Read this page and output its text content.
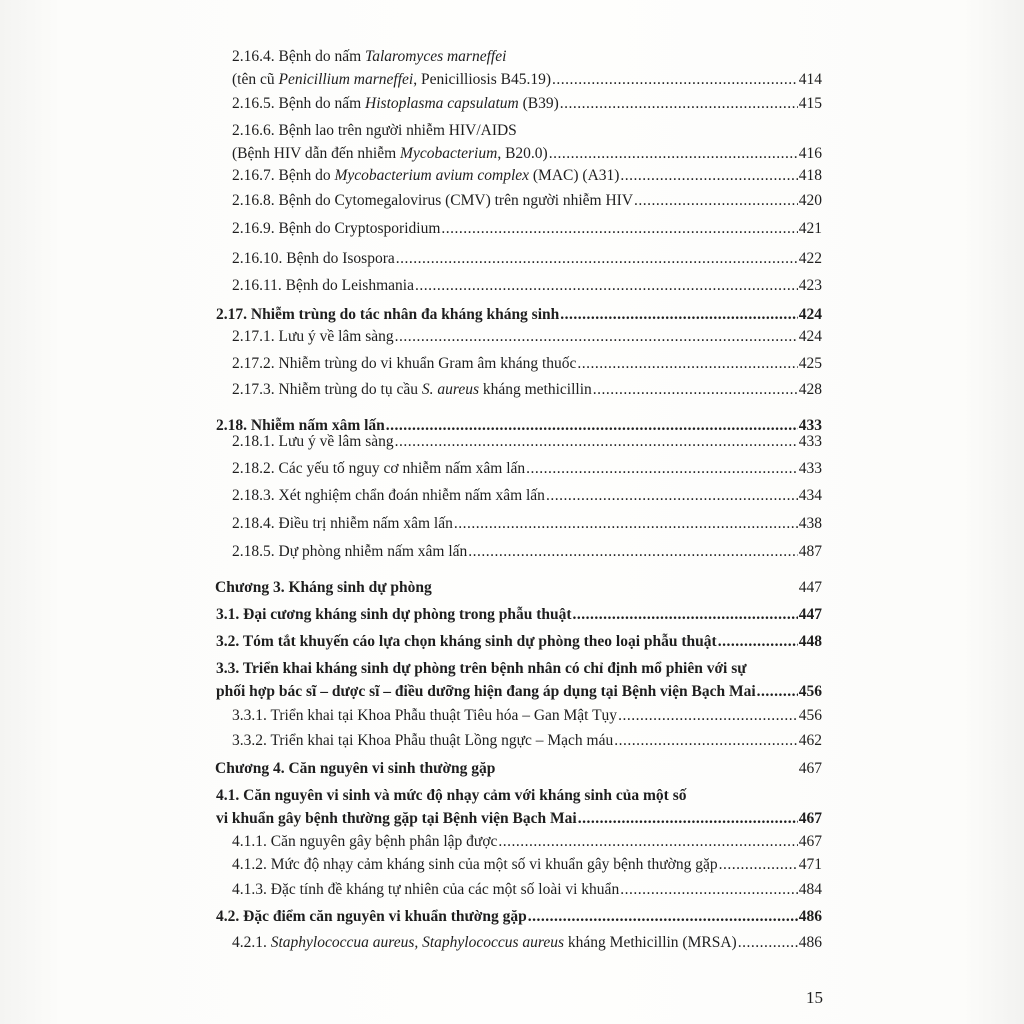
2.16.4. Bệnh do nấm Talaromyces marneffei
(tên cũ Penicillium marneffei, Penicilliosis B45.19) .....	414
2.16.5. Bệnh do nấm Histoplasma capsulatum (B39) .....	415
2.16.6. Bệnh lao trên người nhiễm HIV/AIDS
(Bệnh HIV dẫn đến nhiễm Mycobacterium, B20.0) .....	416
2.16.7. Bệnh do Mycobacterium avium complex (MAC) (A31) .....	418
2.16.8. Bệnh do Cytomegalovirus (CMV) trên người nhiễm HIV .....	420
2.16.9. Bệnh do Cryptosporidium .....	421
2.16.10. Bệnh do Isospora .....	422
2.16.11. Bệnh do Leishmania .....	423
2.17. Nhiễm trùng do tác nhân đa kháng kháng sinh .....	424
2.17.1. Lưu ý về lâm sàng .....	424
2.17.2. Nhiễm trùng do vi khuẩn Gram âm kháng thuốc .....	425
2.17.3. Nhiễm trùng do tụ cầu S. aureus kháng methicillin .....	428
2.18. Nhiễm nấm xâm lấn .....	433
2.18.1. Lưu ý về lâm sàng .....	433
2.18.2. Các yếu tố nguy cơ nhiễm nấm xâm lấn .....	433
2.18.3. Xét nghiệm chẩn đoán nhiễm nấm xâm lấn .....	434
2.18.4. Điều trị nhiễm nấm xâm lấn .....	438
2.18.5. Dự phòng nhiễm nấm xâm lấn .....	487
Chương 3. Kháng sinh dự phòng	447
3.1. Đại cương kháng sinh dự phòng trong phẫu thuật .....	447
3.2. Tóm tắt khuyến cáo lựa chọn kháng sinh dự phòng theo loại phẫu thuật .....	448
3.3. Triển khai kháng sinh dự phòng trên bệnh nhân có chỉ định mổ phiên với sự
phối hợp bác sĩ – dược sĩ – điều dưỡng hiện đang áp dụng tại Bệnh viện Bạch Mai .....	456
3.3.1. Triển khai tại Khoa Phẫu thuật Tiêu hóa – Gan Mật Tụy .....	456
3.3.2. Triển khai tại Khoa Phẫu thuật Lồng ngực – Mạch máu .....	462
Chương 4. Căn nguyên vi sinh thường gặp	467
4.1. Căn nguyên vi sinh và mức độ nhạy cảm với kháng sinh của một số
vi khuẩn gây bệnh thường gặp tại Bệnh viện Bạch Mai .....	467
4.1.1. Căn nguyên gây bệnh phân lập được .....	467
4.1.2. Mức độ nhạy cảm kháng sinh của một số vi khuẩn gây bệnh thường gặp .....	471
4.1.3. Đặc tính đề kháng tự nhiên của các một số loài vi khuẩn .....	484
4.2. Đặc điểm căn nguyên vi khuẩn thường gặp .....	486
4.2.1. Staphylococcua aureus, Staphylococcus aureus kháng Methicillin (MRSA) .....	486
15
